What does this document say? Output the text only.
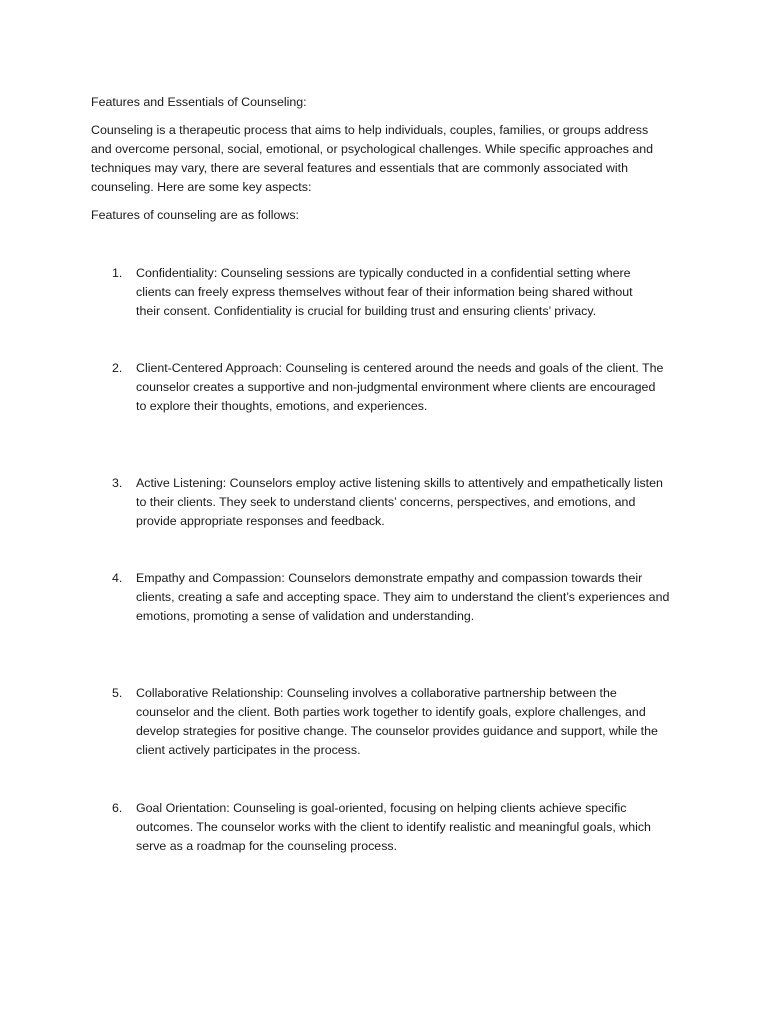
Features and Essentials of Counseling:
Counseling is a therapeutic process that aims to help individuals, couples, families, or groups address
and overcome personal, social, emotional, or psychological challenges. While specific approaches and
techniques may vary, there are several features and essentials that are commonly associated with
counseling. Here are some key aspects:
Features of counseling are as follows:
1. Confidentiality: Counseling sessions are typically conducted in a confidential setting where
clients can freely express themselves without fear of their information being shared without
their consent. Confidentiality is crucial for building trust and ensuring clients’ privacy.
2. Client-Centered Approach: Counseling is centered around the needs and goals of the client. The
counselor creates a supportive and non-judgmental environment where clients are encouraged
to explore their thoughts, emotions, and experiences.
3. Active Listening: Counselors employ active listening skills to attentively and empathetically listen
to their clients. They seek to understand clients’ concerns, perspectives, and emotions, and
provide appropriate responses and feedback.
4. Empathy and Compassion: Counselors demonstrate empathy and compassion towards their
clients, creating a safe and accepting space. They aim to understand the client’s experiences and
emotions, promoting a sense of validation and understanding.
5. Collaborative Relationship: Counseling involves a collaborative partnership between the
counselor and the client. Both parties work together to identify goals, explore challenges, and
develop strategies for positive change. The counselor provides guidance and support, while the
client actively participates in the process.
6. Goal Orientation: Counseling is goal-oriented, focusing on helping clients achieve specific
outcomes. The counselor works with the client to identify realistic and meaningful goals, which
serve as a roadmap for the counseling process.
